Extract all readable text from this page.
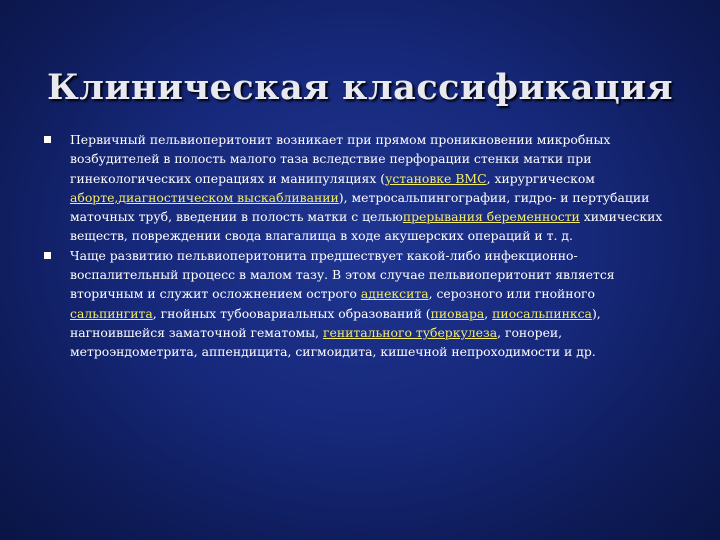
Клиническая классификация
Первичный пельвиоперитонит возникает при прямом проникновении микробных возбудителей в полость малого таза вследствие перфорации стенки матки при гинекологических операциях и манипуляциях (установке ВМС, хирургическом аборте,диагностическом выскабливании), метросальпингографии, гидро- и пертубации маточных труб, введении в полость матки с цельюпрерывания беременности химических веществ, повреждении свода влагалища в ходе акушерских операций и т. д.
Чаще развитию пельвиоперитонита предшествует какой-либо инфекционно-воспалительный процесс в малом тазу. В этом случае пельвиоперитонит является вторичным и служит осложнением острого аднексита, серозного или гнойного сальпингита, гнойных тубоовариальных образований (пиовара, пиосальпинкса), нагноившейся заматочной гематомы, генитального туберкулеза, гонореи, метроэндометрита, аппендицита, сигмоидита, кишечной непроходимости и др.
